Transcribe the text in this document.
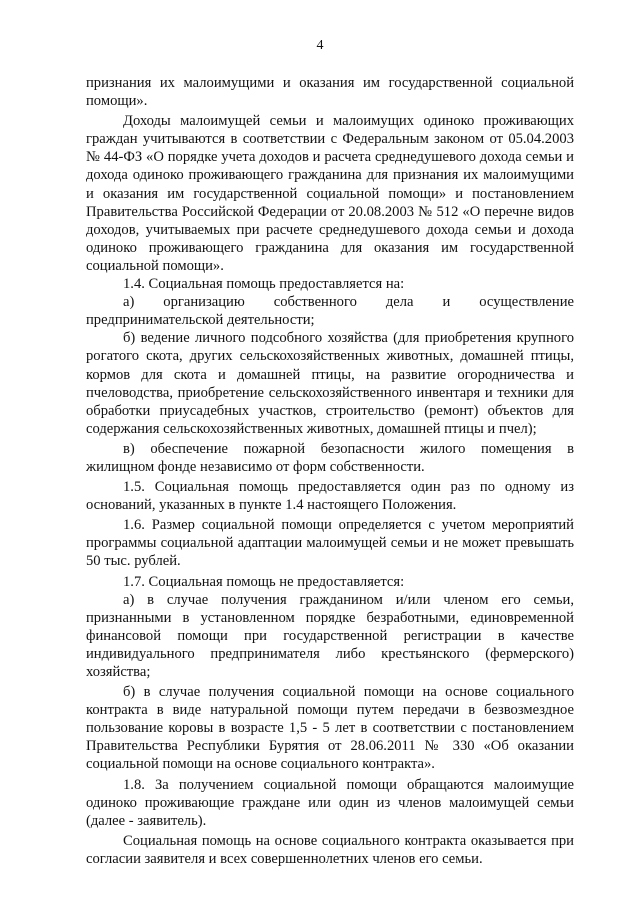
4

признания их малоимущими и оказания им государственной социальной помощи».

Доходы малоимущей семьи и малоимущих одиноко проживающих граждан учитываются в соответствии с Федеральным законом от 05.04.2003 № 44-ФЗ «О порядке учета доходов и расчета среднедушевого дохода семьи и дохода одиноко проживающего гражданина для признания их малоимущими и оказания им государственной социальной помощи» и постановлением Правительства Российской Федерации от 20.08.2003 № 512 «О перечне видов доходов, учитываемых при расчете среднедушевого дохода семьи и дохода одиноко проживающего гражданина для оказания им государственной социальной помощи».

1.4. Социальная помощь предоставляется на:

а) организацию собственного дела и осуществление предпринимательской деятельности;

б) ведение личного подсобного хозяйства (для приобретения крупного рогатого скота, других сельскохозяйственных животных, домашней птицы, кормов для скота и домашней птицы, на развитие огородничества и пчеловодства, приобретение сельскохозяйственного инвентаря и техники для обработки приусадебных участков, строительство (ремонт) объектов для содержания сельскохозяйственных животных, домашней птицы и пчел);

в) обеспечение пожарной безопасности жилого помещения в жилищном фонде независимо от форм собственности.

1.5. Социальная помощь предоставляется один раз по одному из оснований, указанных в пункте 1.4 настоящего Положения.

1.6. Размер социальной помощи определяется с учетом мероприятий программы социальной адаптации малоимущей семьи и не может превышать 50 тыс. рублей.

1.7. Социальная помощь не предоставляется:

а) в случае получения гражданином и/или членом его семьи, признанными в установленном порядке безработными, единовременной финансовой помощи при государственной регистрации в качестве индивидуального предпринимателя либо крестьянского (фермерского) хозяйства;

б) в случае получения социальной помощи на основе социального контракта в виде натуральной помощи путем передачи в безвозмездное пользование коровы в возрасте 1,5 - 5 лет в соответствии с постановлением Правительства Республики Бурятия от 28.06.2011 № 330 «Об оказании социальной помощи на основе социального контракта».

1.8. За получением социальной помощи обращаются малоимущие одиноко проживающие граждане или один из членов малоимущей семьи (далее - заявитель).

Социальная помощь на основе социального контракта оказывается при согласии заявителя и всех совершеннолетних членов его семьи.
